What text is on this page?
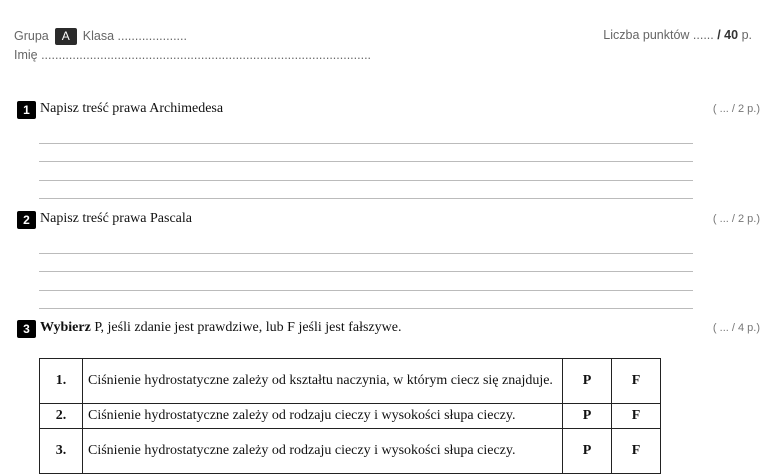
Grupa A Klasa ....................
Imię ...............................................................................................
Liczba punktów ...... / 40 p.
1 Napisz treść prawa Archimedesa	( ... / 2 p.)
2 Napisz treść prawa Pascala	( ... / 2 p.)
3 Wybierz P, jeśli zdanie jest prawdziwe, lub F jeśli jest fałszywe.	( ... / 4 p.)
1.	Ciśnienie hydrostatyczne zależy od kształtu naczynia, w którym ciecz się znajduje.	P	F
2.	Ciśnienie hydrostatyczne zależy od rodzaju cieczy i wysokości słupa cieczy.	P	F
3.	Ciśnienie hydrostatyczne zależy od rodzaju cieczy i wysokości słupa cieczy.	P	F
